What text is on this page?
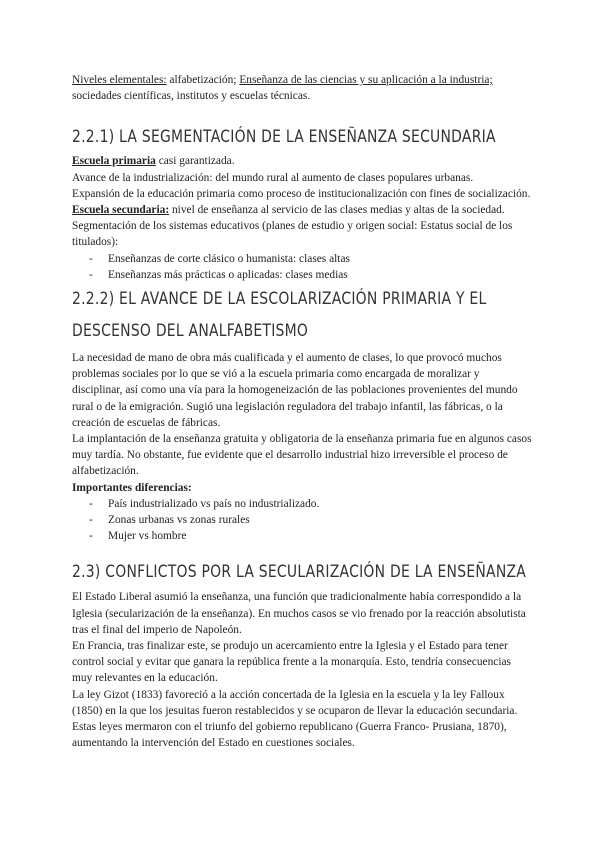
Niveles elementales: alfabetización; Enseñanza de las ciencias y su aplicación a la industria; sociedades científicas, institutos y escuelas técnicas.

2.2.1) LA SEGMENTACIÓN DE LA ENSEÑANZA SECUNDARIA

Escuela primaria casi garantizada.

Avance de la industrialización: del mundo rural al aumento de clases populares urbanas.

Expansión de la educación primaria como proceso de institucionalización con fines de socialización.

Escuela secundaria: nivel de enseñanza al servicio de las clases medias y altas de la sociedad.

Segmentación de los sistemas educativos (planes de estudio y origen social: Estatus social de los titulados):

- Enseñanzas de corte clásico o humanista: clases altas
- Enseñanzas más prácticas o aplicadas: clases medias
2.2.2) EL AVANCE DE LA ESCOLARIZACIÓN PRIMARIA Y EL DESCENSO DEL ANALFABETISMO

La necesidad de mano de obra más cualificada y el aumento de clases, lo que provocó muchos problemas sociales por lo que se vió a la escuela primaria como encargada de moralizar y disciplinar, así como una vía para la homogeneización de las poblaciones provenientes del mundo rural o de la emigración. Sugió una legislación reguladora del trabajo infantil, las fábricas, o la creación de escuelas de fábricas.

La implantación de la enseñanza gratuita y obligatoria de la enseñanza primaria fue en algunos casos muy tardía. No obstante, fue evidente que el desarrollo industrial hizo irreversible el proceso de alfabetización.

Importantes diferencias:

- País industrializado vs país no industrializado.
- Zonas urbanas vs zonas rurales
- Mujer vs hombre
2.3) CONFLICTOS POR LA SECULARIZACIÓN DE LA ENSEÑANZA

El Estado Liberal asumió la enseñanza, una función que tradicionalmente había correspondido a la Iglesia (secularización de la enseñanza). En muchos casos se vio frenado por la reacción absolutista tras el final del imperio de Napoleón.

En Francia, tras finalizar este, se produjo un acercamiento entre la Iglesia y el Estado para tener control social y evitar que ganara la república frente a la monarquía. Esto, tendría consecuencias muy relevantes en la educación.

La ley Gizot (1833) favoreció a la acción concertada de la Iglesia en la escuela y la ley Falloux (1850) en la que los jesuitas fueron restablecidos y se ocuparon de llevar la educación secundaria. Estas leyes mermaron con el triunfo del gobierno republicano (Guerra Franco- Prusiana, 1870), aumentando la intervención del Estado en cuestiones sociales.
